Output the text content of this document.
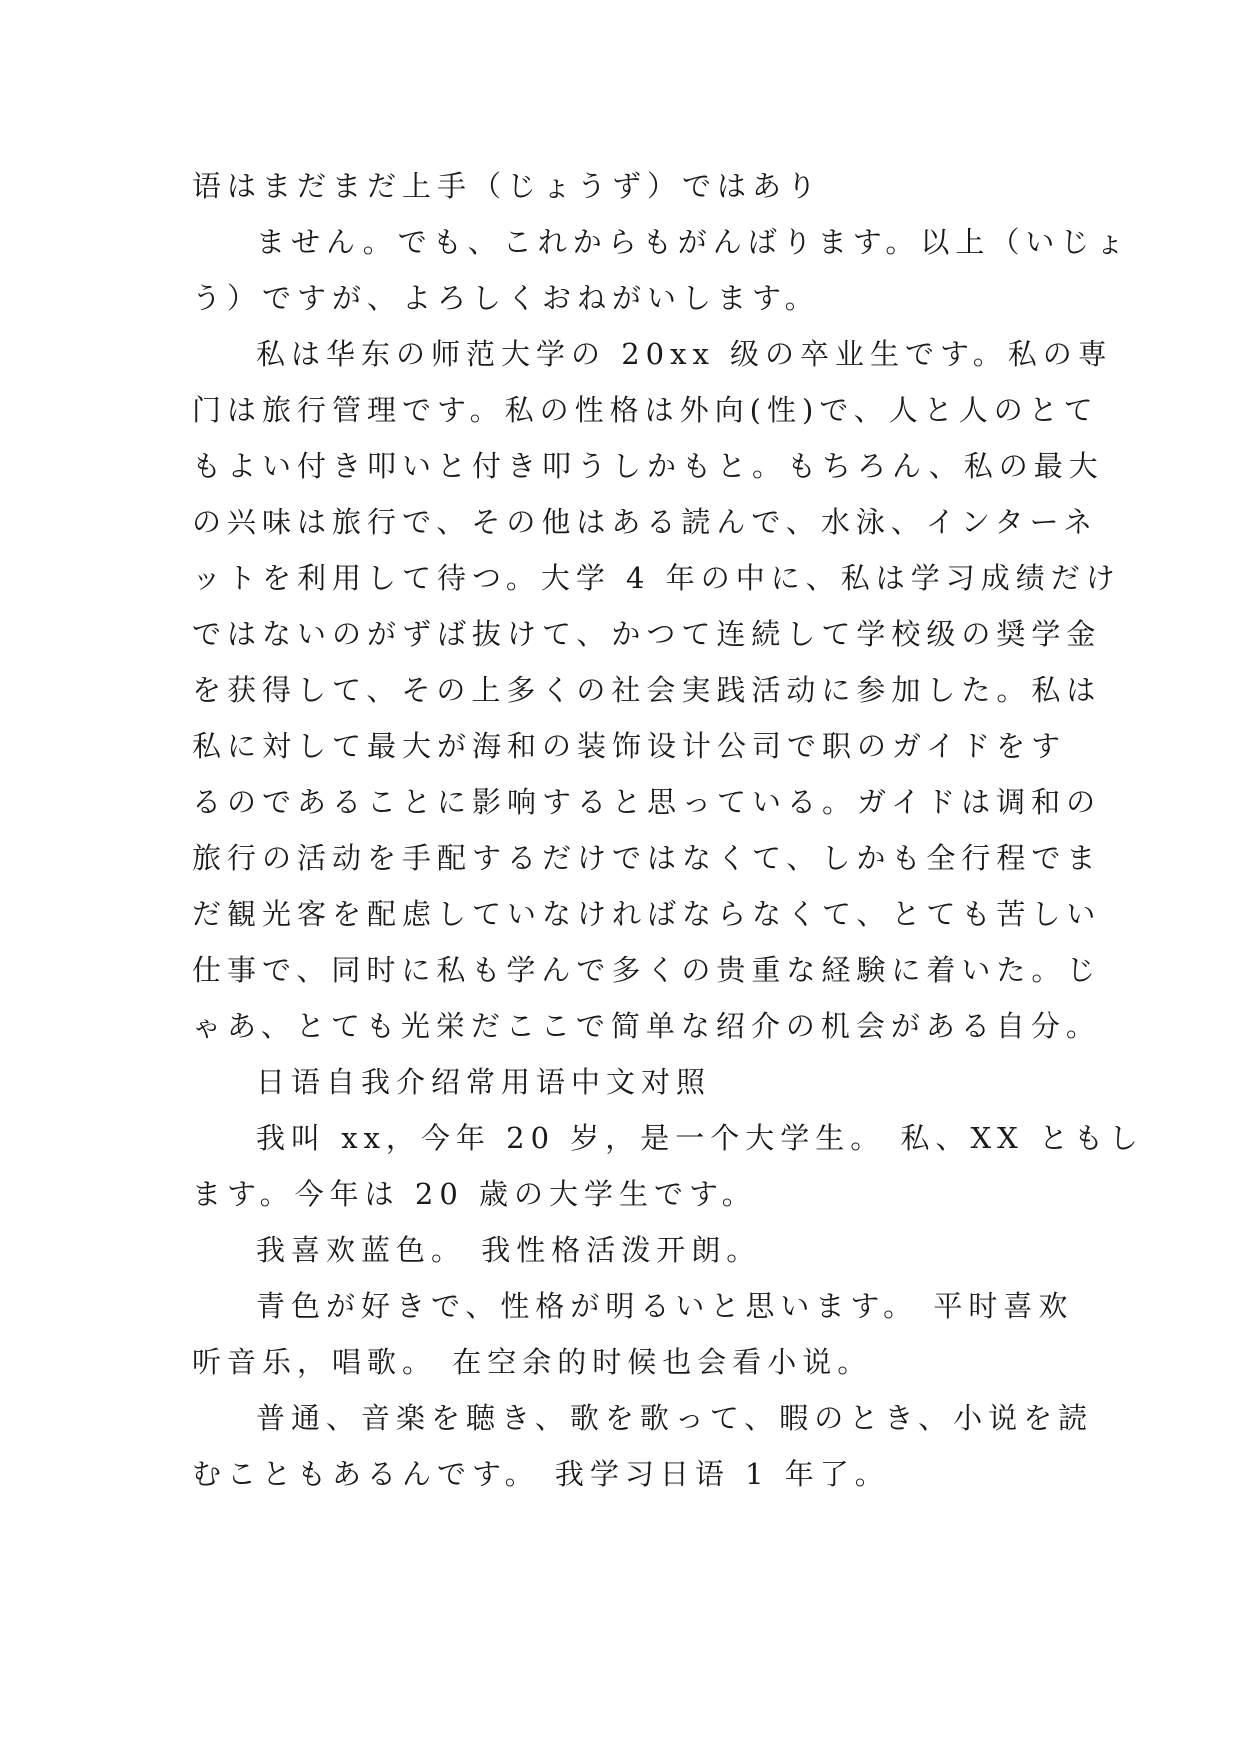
语はまだまだ上手（じょうず）ではあり
ません。でも、これからもがんばります。以上（いじょ
う）ですが、よろしくおねがいします。
私は华东の师范大学の 20xx 级の卒业生です。私の専
门は旅行管理です。私の性格は外向(性)で、人と人のとて
もよい付き叩いと付き叩うしかもと。もちろん、私の最大
の兴味は旅行で、その他はある読んで、水泳、インターネ
ットを利用して待つ。大学 4 年の中に、私は学习成绩だけ
ではないのがずば抜けて、かつて连続して学校级の奨学金
を获得して、その上多くの社会実践活动に参加した。私は
私に対して最大が海和の装饰设计公司で职のガイドをす
るのであることに影响すると思っている。ガイドは调和の
旅行の活动を手配するだけではなくて、しかも全行程でま
だ観光客を配虑していなければならなくて、とても苦しい
仕事で、同时に私も学んで多くの贵重な経験に着いた。じ
ゃあ、とても光栄だここで简单な绍介の机会がある自分。
日语自我介绍常用语中文对照
我叫 xx，今年 20 岁，是一个大学生。 私、XX ともし
ます。今年は 20 歳の大学生です。
我喜欢蓝色。 我性格活泼开朗。
青色が好きで、性格が明るいと思います。 平时喜欢
听音乐，唱歌。 在空余的时候也会看小说。
普通、音楽を聴き、歌を歌って、暇のとき、小说を読
むこともあるんです。 我学习日语 1 年了。
